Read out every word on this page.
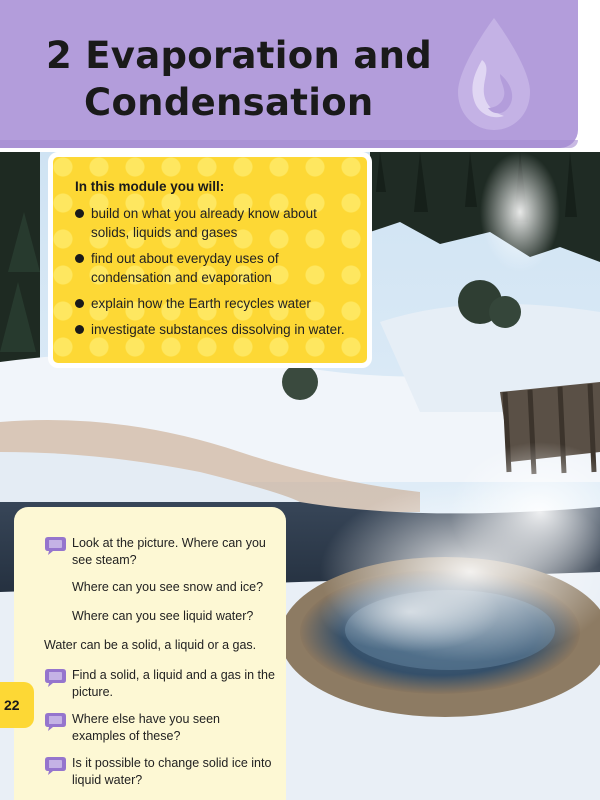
2 Evaporation and
Condensation
In this module you will:
build on what you already know about solids, liquids and gases
find out about everyday uses of condensation and evaporation
explain how the Earth recycles water
investigate substances dissolving in water.
Look at the picture. Where can you see steam?
Where can you see snow and ice?
Where can you see liquid water?
Water can be a solid, a liquid or a gas.
Find a solid, a liquid and a gas in the picture.
Where else have you seen examples of these?
Is it possible to change solid ice into liquid water?
22
